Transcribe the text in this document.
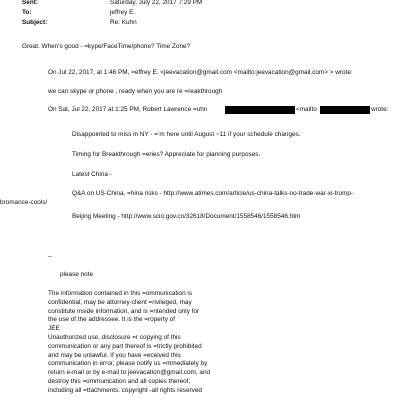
Sent:	Saturday, July 22, 2017 7:29 PM
To:	jeffrey E.
Subject:	Re: Kuhn
Great. When's good - =kype/FaceTime/phone? Time Zone?
On Jul 22, 2017, at 1:46 PM, =effrey E. <jeevacation@gmail.com <mailto:jeevacation@gmail.com> > wrote:
we can skype or phone , ready when you are re =reakthrough
On Sat, Jul 22, 2017 at 1:25 PM, Robert Lawrence =uhn	<mailto	wrote:
Disappointed to miss in NY - =’m here until August ~11 if your schedule changes.
Timing for Breakthrough =eries? Appreciate for planning purposes.
Latest China -
Q&A on US-China, =hina risks - http://www.atimes.com/article/us-china-talks-no-trade-war-xi-trump-
bromance-cools/
Beijing Meeting - http://www.scio.gov.cn/32618/Document/1558546/1558546.htm
--
please note
The information contained in this =ommunication is
confidential, may be attorney-client =rivileged, may
constitute inside information, and is =ntended only for
the use of the addressee. It is the =roperty of
JEE
Unauthorized use, disclosure =r copying of this
communication or any part thereof is =trictly prohibited
and may be unlawful. If you have =eceived this
communication in error, please notify us =mmediately by
return e-mail or by e-mail to jeevacation@gmail.com, and
destroy this =ommunication and all copies thereof,
including all =ttachments. copyright -all rights reserved
